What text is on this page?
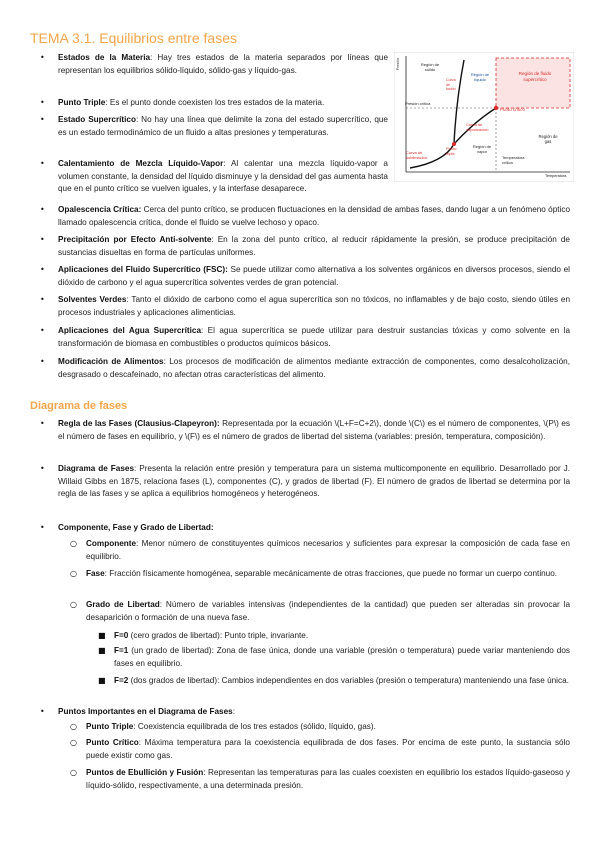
TEMA 3.1. Equilibrios entre fases
Presión
Temperatura
Región de sólido
Región de líquido
Región de fluido supercrítico
Región de gas
Región de vapor
Punto crítico
Punto triple
Presión crítica
Temperatura crítica
Curva de fusión
Curva de sublimación
Curva de vaporización
• Estados de la Materia: Hay tres estados de la materia separados por líneas que representan los equilibrios sólido-líquido, sólido-gas y líquido-gas.
• Punto Triple: Es el punto donde coexisten los tres estados de la materia.
• Estado Supercrítico: No hay una línea que delimite la zona del estado supercrítico, que es un estado termodinámico de un fluido a altas presiones y temperaturas.
• Calentamiento de Mezcla Líquido-Vapor: Al calentar una mezcla líquido-vapor a volumen constante, la densidad del líquido disminuye y la densidad del gas aumenta hasta que en el punto crítico se vuelven iguales, y la interfase desaparece.
• Opalescencia Crítica: Cerca del punto crítico, se producen fluctuaciones en la densidad de ambas fases, dando lugar a un fenómeno óptico llamado opalescencia crítica, donde el fluido se vuelve lechoso y opaco.
• Precipitación por Efecto Anti-solvente: En la zona del punto crítico, al reducir rápidamente la presión, se produce precipitación de sustancias disueltas en forma de partículas uniformes.
• Aplicaciones del Fluido Supercrítico (FSC): Se puede utilizar como alternativa a los solventes orgánicos en diversos procesos, siendo el dióxido de carbono y el agua supercrítica solventes verdes de gran potencial.
• Solventes Verdes: Tanto el dióxido de carbono como el agua supercrítica son no tóxicos, no inflamables y de bajo costo, siendo útiles en procesos industriales y aplicaciones alimenticias.
• Aplicaciones del Agua Supercrítica: El agua supercrítica se puede utilizar para destruir sustancias tóxicas y como solvente en la transformación de biomasa en combustibles o productos químicos básicos.
• Modificación de Alimentos: Los procesos de modificación de alimentos mediante extracción de componentes, como desalcoholización, desgrasado o descafeinado, no afectan otras características del alimento.
Diagrama de fases
• Regla de las Fases (Clausius-Clapeyron): Representada por la ecuación \(L+F=C+2\), donde \(C\) es el número de componentes, \(P\) es el número de fases en equilibrio, y \(F\) es el número de grados de libertad del sistema (variables: presión, temperatura, composición).
• Diagrama de Fases: Presenta la relación entre presión y temperatura para un sistema multicomponente en equilibrio. Desarrollado por J. Willaid Gibbs en 1875, relaciona fases (L), componentes (C), y grados de libertad (F). El número de grados de libertad se determina por la regla de las fases y se aplica a equilibrios homogéneos y heterogéneos.
• Componente, Fase y Grado de Libertad:
○ Componente: Menor número de constituyentes químicos necesarios y suficientes para expresar la composición de cada fase en equilibrio.
○ Fase: Fracción físicamente homogénea, separable mecánicamente de otras fracciones, que puede no formar un cuerpo continuo.
○ Grado de Libertad: Número de variables intensivas (independientes de la cantidad) que pueden ser alteradas sin provocar la desaparición o formación de una nueva fase.
■ F=0 (cero grados de libertad): Punto triple, invariante.
■ F=1 (un grado de libertad): Zona de fase única, donde una variable (presión o temperatura) puede variar manteniendo dos fases en equilibrio.
■ F=2 (dos grados de libertad): Cambios independientes en dos variables (presión o temperatura) manteniendo una fase única.
• Puntos Importantes en el Diagrama de Fases:
○ Punto Triple: Coexistencia equilibrada de los tres estados (sólido, líquido, gas).
○ Punto Crítico: Máxima temperatura para la coexistencia equilibrada de dos fases. Por encima de este punto, la sustancia sólo puede existir como gas.
○ Puntos de Ebullición y Fusión: Representan las temperaturas para las cuales coexisten en equilibrio los estados líquido-gaseoso y líquido-sólido, respectivamente, a una determinada presión.
